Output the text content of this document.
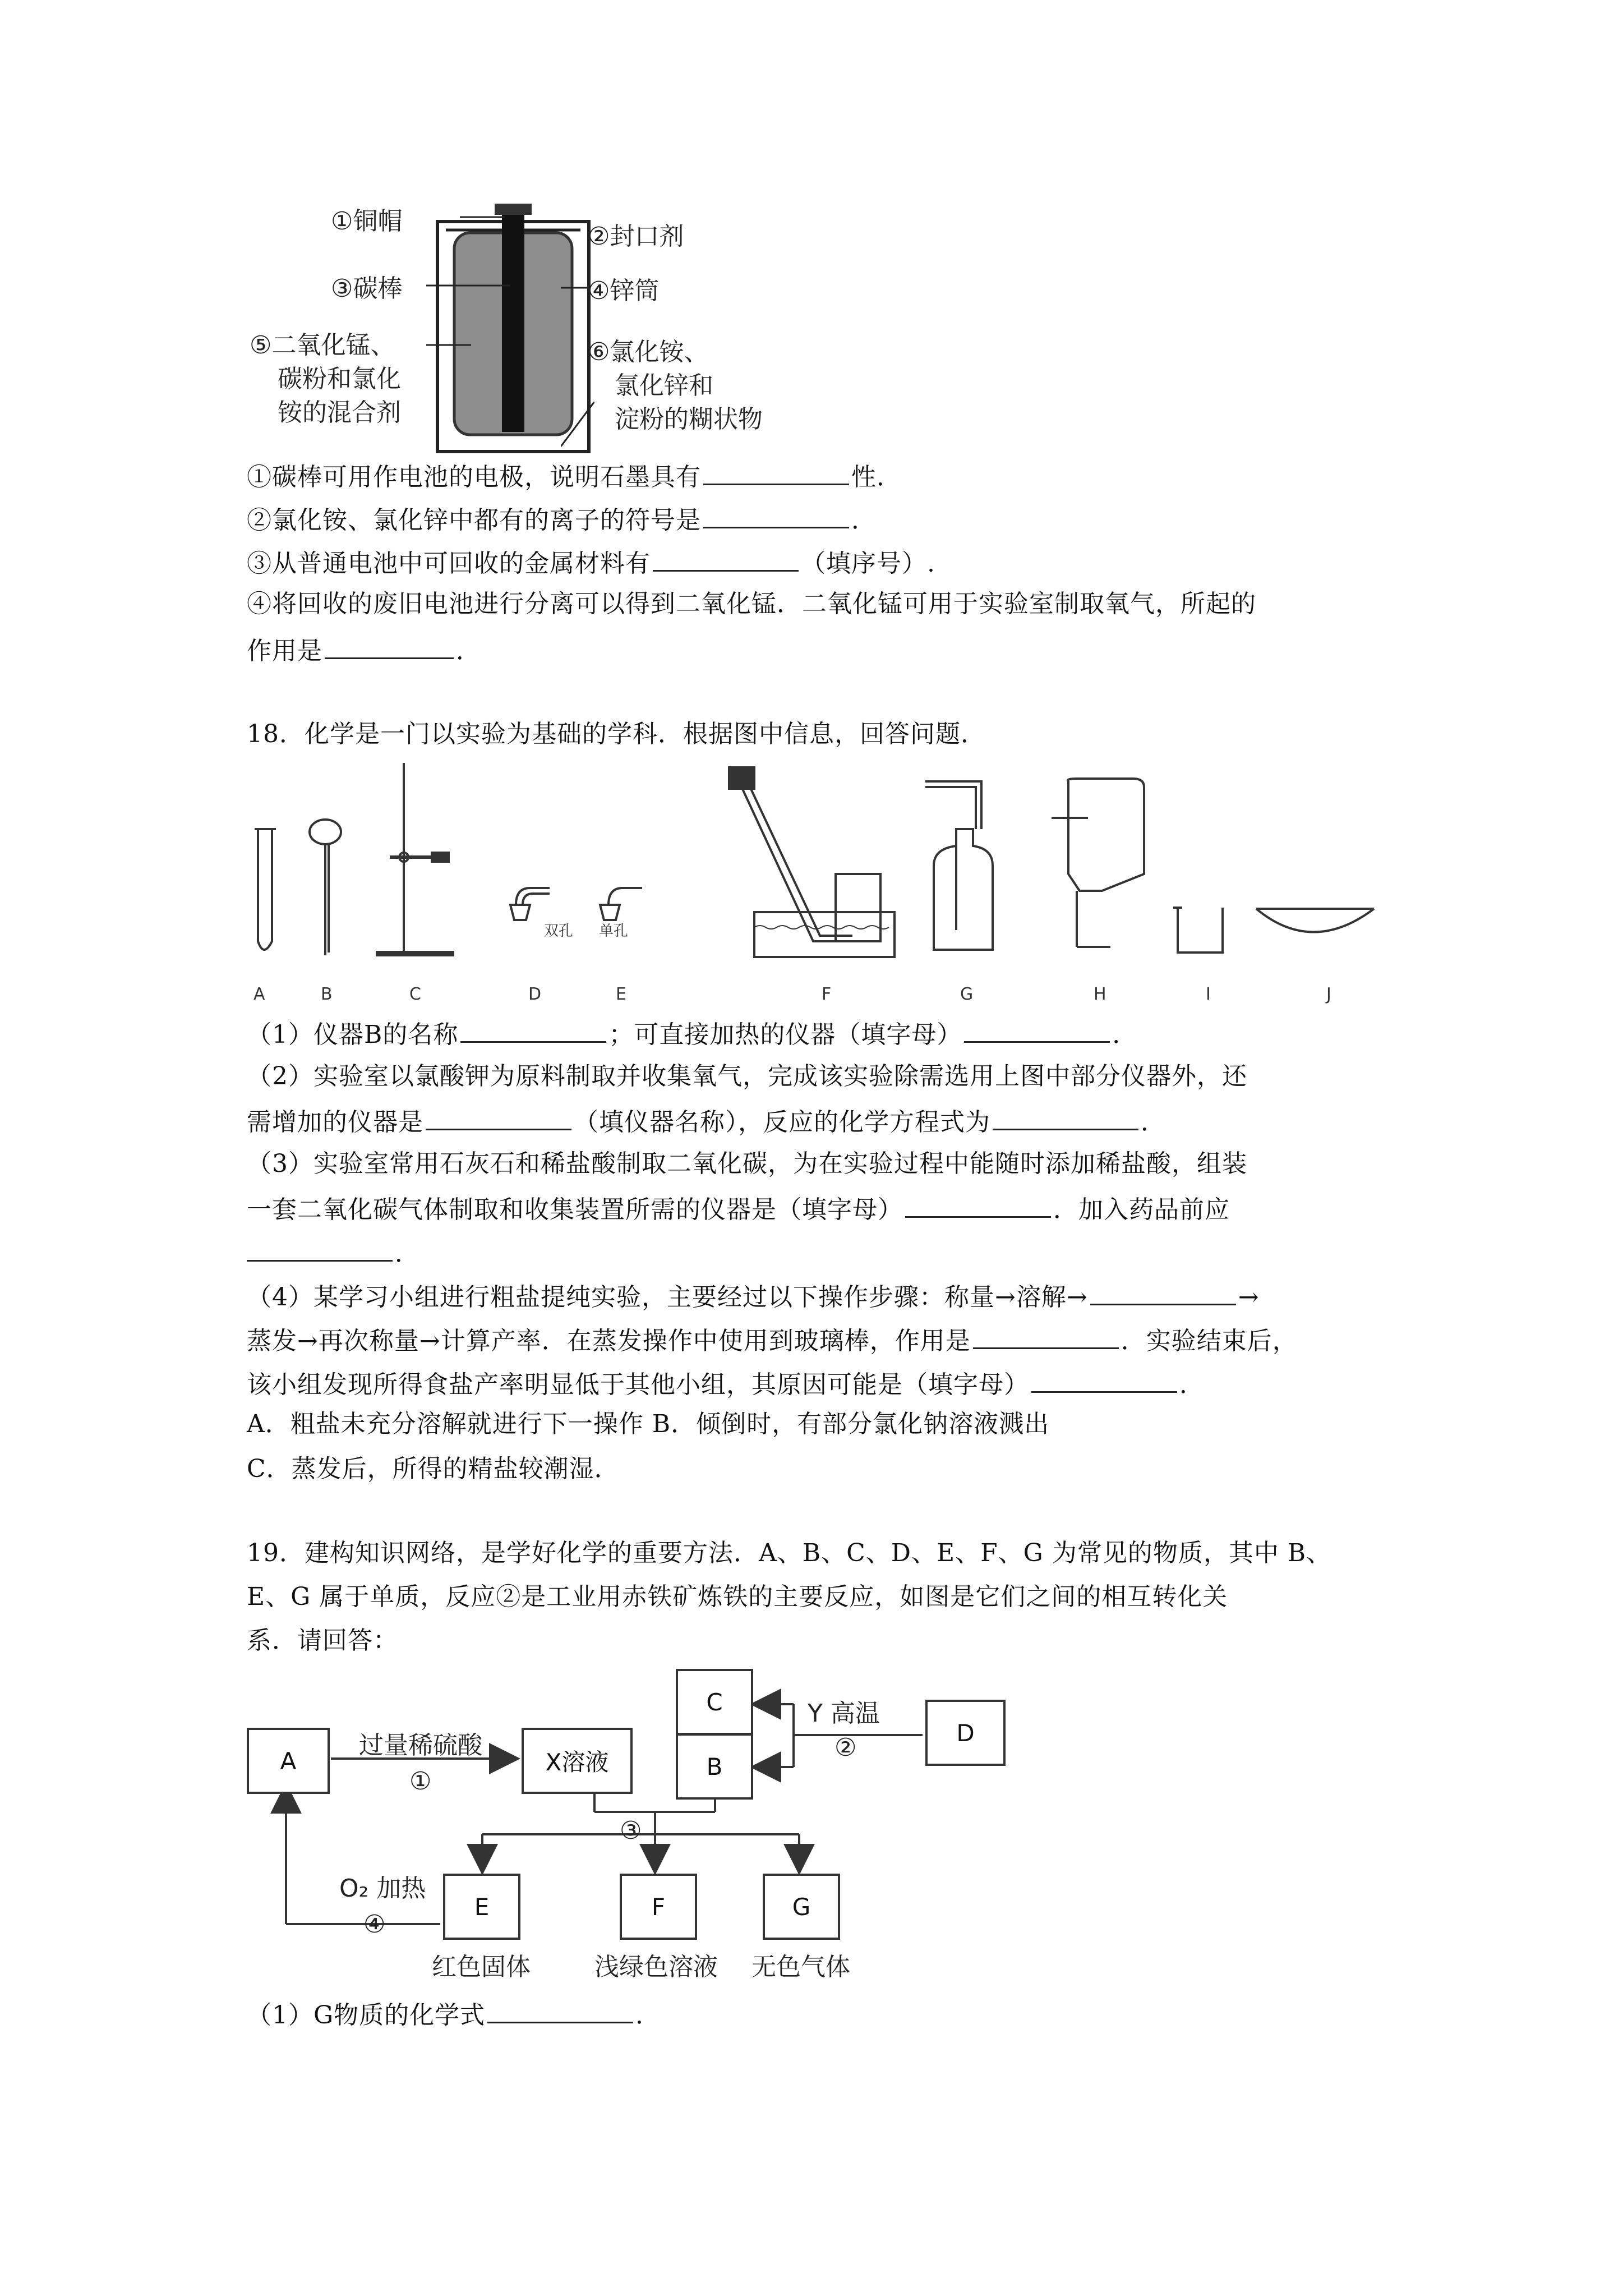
①铜帽
②封口剂
③碳棒	④锌筒
⑤二氧化锰、
碳粉和氯化
铵的混合剂
⑥氯化铵、
氯化锌和
淀粉的糊状物
①碳棒可用作电池的电极，说明石墨具有	性．
②氯化铵、氯化锌中都有的离子的符号是	．
③从普通电池中可回收的金属材料有	（填序号）.
④将回收的废旧电池进行分离可以得到二氧化锰．二氧化锰可用于实验室制取氧气，所起的
作用是	．
18．化学是一门以实验为基础的学科．根据图中信息，回答问题．
双孔 单孔
A	B	C	D	E	F	G	H	I	J
（1）仪器B的名称	；可直接加热的仪器（填字母）	．
（2）实验室以氯酸钾为原料制取并收集氧气，完成该实验除需选用上图中部分仪器外，还
需增加的仪器是	（填仪器名称），反应的化学方程式为	．
（3）实验室常用石灰石和稀盐酸制取二氧化碳，为在实验过程中能随时添加稀盐酸，组装
一套二氧化碳气体制取和收集装置所需的仪器是（填字母）	．加入药品前应
．
（4）某学习小组进行粗盐提纯实验，主要经过以下操作步骤：称量→溶解→	→
蒸发→再次称量→计算产率．在蒸发操作中使用到玻璃棒，作用是	．实验结束后，
该小组发现所得食盐产率明显低于其他小组，其原因可能是（填字母）	．
A．粗盐未充分溶解就进行下一操作 B．倾倒时，有部分氯化钠溶液溅出
C．蒸发后，所得的精盐较潮湿．
19．建构知识网络，是学好化学的重要方法．A、B、C、D、E、F、G 为常见的物质，其中 B、
E、G 属于单质，反应②是工业用赤铁矿炼铁的主要反应，如图是它们之间的相互转化关
系．请回答：
A	X溶液
C
B
D
E	F	G
过量稀硫酸
①
Y 高温
②
③
O₂ 加热
④
红色固体	浅绿色溶液 无色气体
（1）G物质的化学式	．
